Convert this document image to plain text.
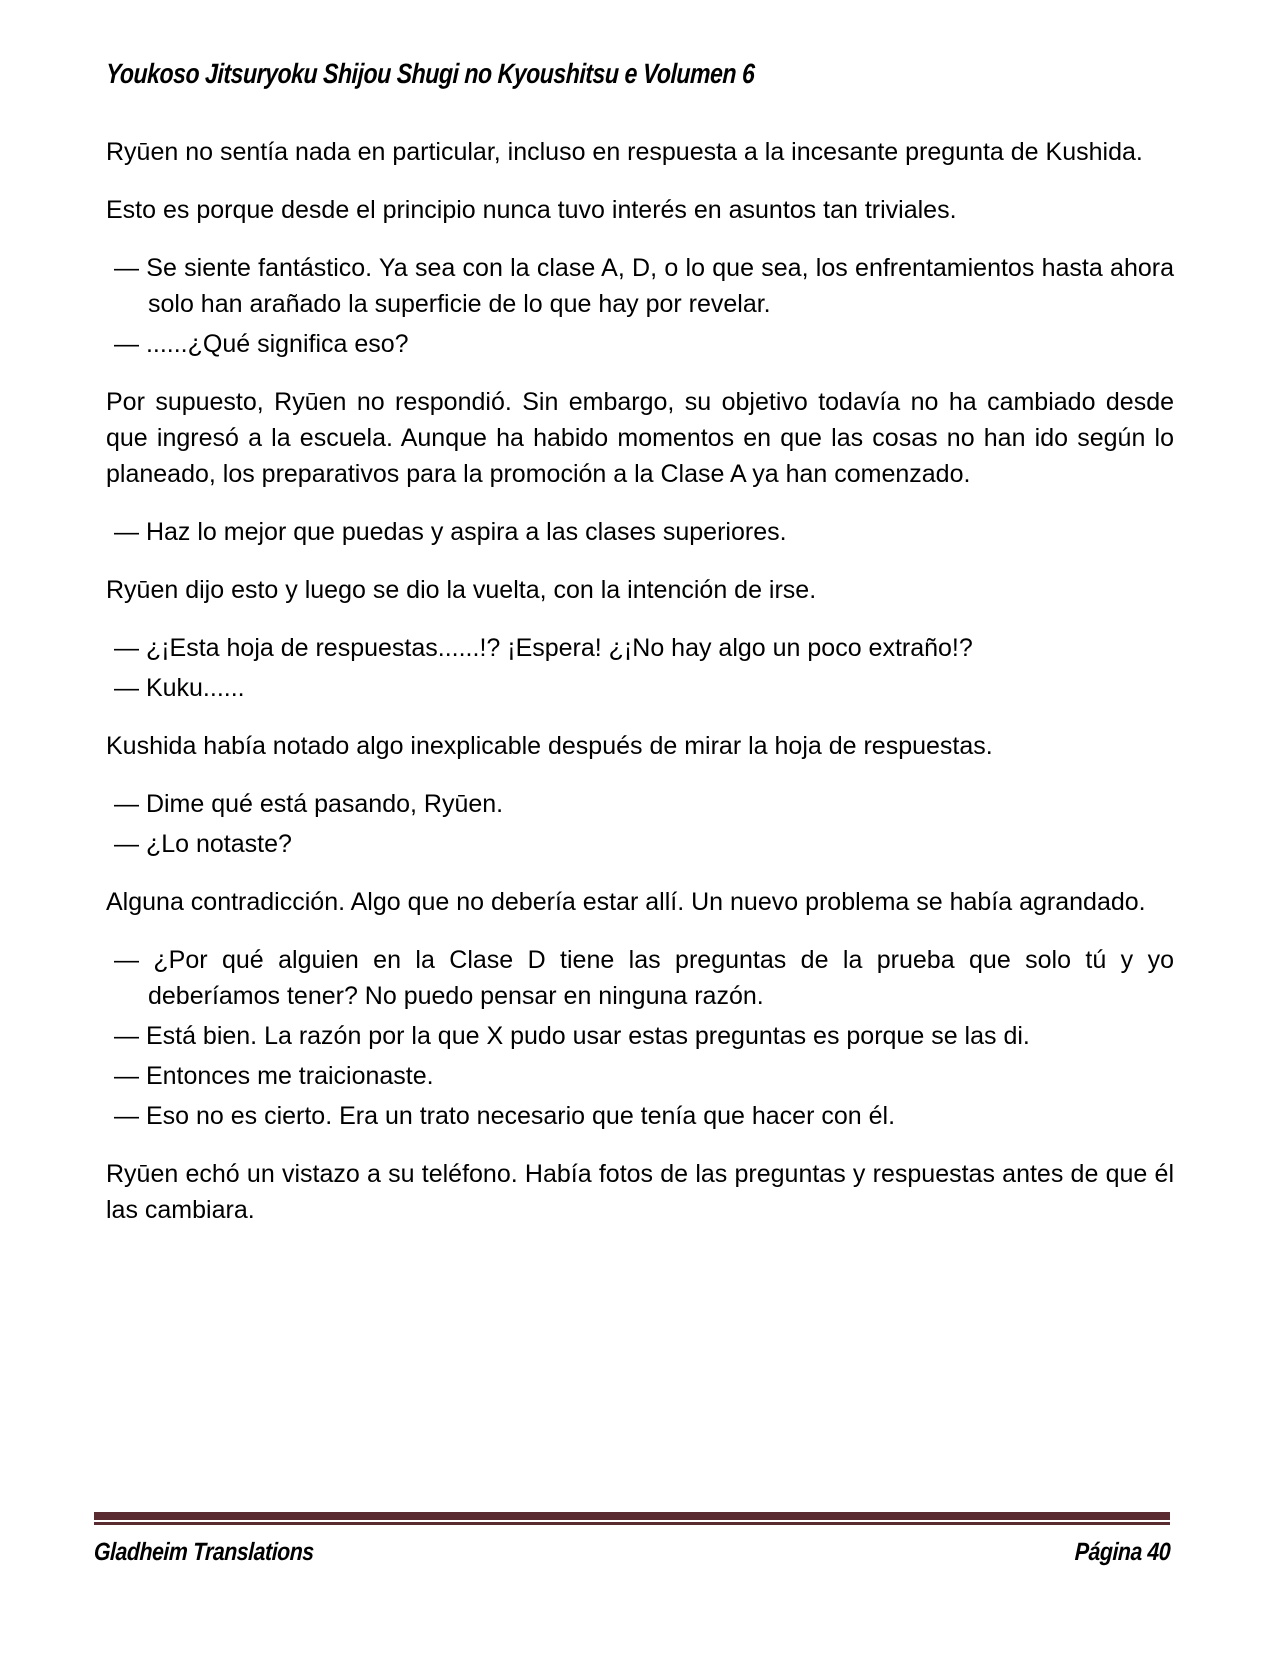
Youkoso Jitsuryoku Shijou Shugi no Kyoushitsu e Volumen 6

Ryūen no sentía nada en particular, incluso en respuesta a la incesante pregunta de Kushida.

Esto es porque desde el principio nunca tuvo interés en asuntos tan triviales.

— Se siente fantástico. Ya sea con la clase A, D, o lo que sea, los enfrentamientos hasta ahora solo han arañado la superficie de lo que hay por revelar.

— ......¿Qué significa eso?

Por supuesto, Ryūen no respondió. Sin embargo, su objetivo todavía no ha cambiado desde que ingresó a la escuela. Aunque ha habido momentos en que las cosas no han ido según lo planeado, los preparativos para la promoción a la Clase A ya han comenzado.

— Haz lo mejor que puedas y aspira a las clases superiores.

Ryūen dijo esto y luego se dio la vuelta, con la intención de irse.

— ¿¡Esta hoja de respuestas......!? ¡Espera! ¿¡No hay algo un poco extraño!?

— Kuku......

Kushida había notado algo inexplicable después de mirar la hoja de respuestas.

— Dime qué está pasando, Ryūen.

— ¿Lo notaste?

Alguna contradicción. Algo que no debería estar allí. Un nuevo problema se había agrandado.

— ¿Por qué alguien en la Clase D tiene las preguntas de la prueba que solo tú y yo deberíamos tener? No puedo pensar en ninguna razón.

— Está bien. La razón por la que X pudo usar estas preguntas es porque se las di.

— Entonces me traicionaste.

— Eso no es cierto. Era un trato necesario que tenía que hacer con él.

Ryūen echó un vistazo a su teléfono. Había fotos de las preguntas y respuestas antes de que él las cambiara.

Gladheim Translations	Página 40
